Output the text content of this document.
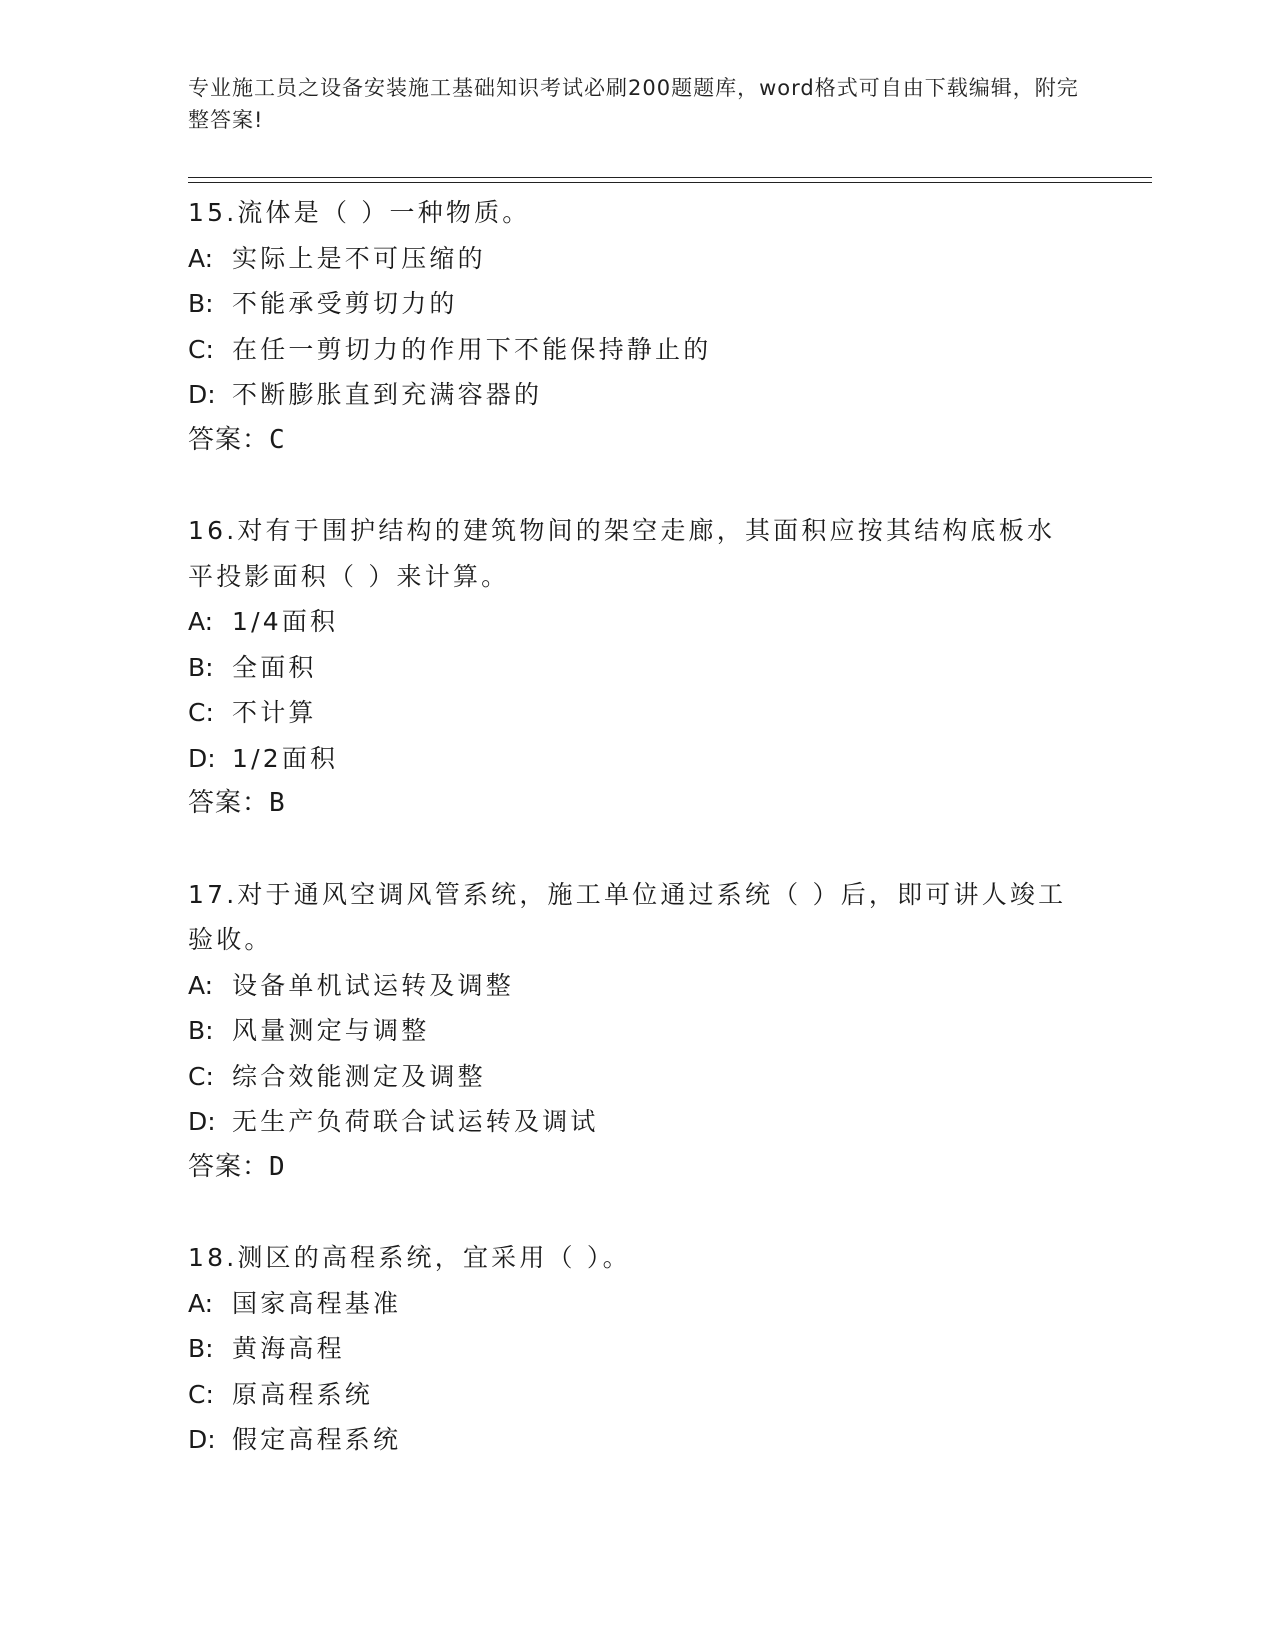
专业施工员之设备安装施工基础知识考试必刷200题题库，word格式可自由下载编辑，附完整答案!
15.流体是（ ）一种物质。
A: 实际上是不可压缩的
B: 不能承受剪切力的
C: 在任一剪切力的作用下不能保持静止的
D: 不断膨胀直到充满容器的
答案：C
16.对有于围护结构的建筑物间的架空走廊，其面积应按其结构底板水平投影面积（ ）来计算。
A: 1/4面积
B: 全面积
C: 不计算
D: 1/2面积
答案：B
17.对于通风空调风管系统，施工单位通过系统（ ）后，即可讲人竣工验收。
A: 设备单机试运转及调整
B: 风量测定与调整
C: 综合效能测定及调整
D: 无生产负荷联合试运转及调试
答案：D
18.测区的高程系统，宜采用（ ）。
A: 国家高程基准
B: 黄海高程
C: 原高程系统
D: 假定高程系统
